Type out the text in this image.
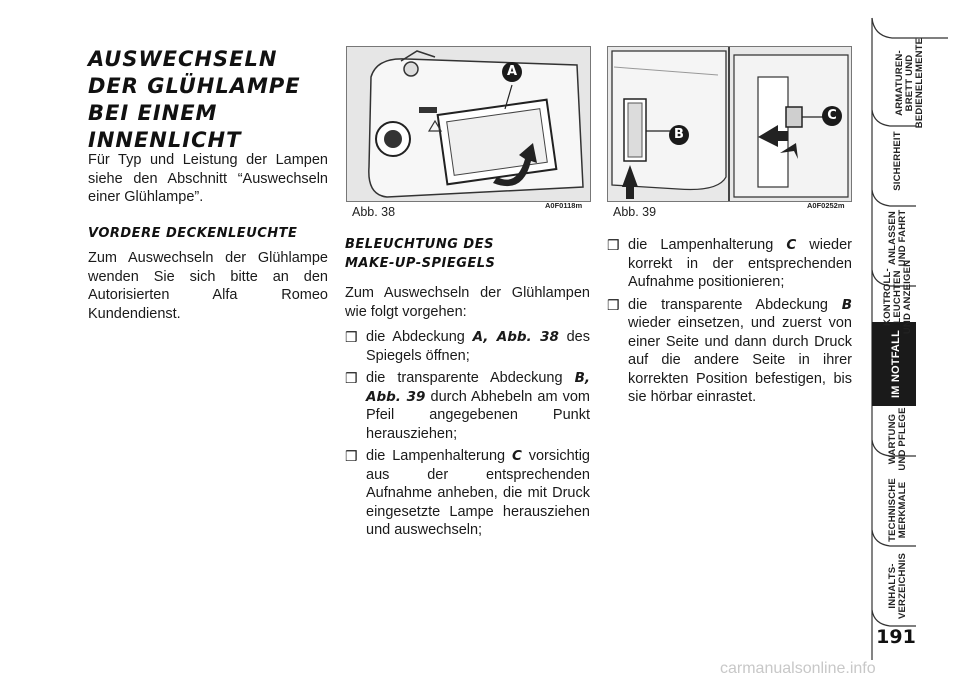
AUSWECHSELN DER GLÜHLAMPE BEI EINEM INNENLICHT
Für Typ und Leistung der Lampen siehe den Abschnitt “Auswechseln einer Glühlampe”.
VORDERE DECKENLEUCHTE
Zum Auswechseln der Glühlampe wenden Sie sich bitte an den Autorisierten Alfa Romeo Kundendienst.
A
Abb. 38	A0F0118m
B
C
Abb. 39	A0F0252m
BELEUCHTUNG DES MAKE-UP-SPIEGELS
Zum Auswechseln der Glühlampen wie folgt vorgehen:
❒ die Abdeckung A, Abb. 38 des Spiegels öffnen;
❒ die transparente Abdeckung B, Abb. 39 durch Abhebeln am vom Pfeil angegebenen Punkt herausziehen;
❒ die Lampenhalterung C vorsichtig aus der entsprechenden Aufnahme anheben, die mit Druck eingesetzte Lampe herausziehen und auswechseln;
❒ die Lampenhalterung C wieder korrekt in der entsprechenden Aufnahme positionieren;
❒ die transparente Abdeckung B wieder einsetzen, und zuerst von einer Seite und dann durch Druck auf die andere Seite in ihrer korrekten Position befestigen, bis sie hörbar einrastet.
ARMATUREN-
BRETT UND
BEDIENELEMENTE
SICHERHEIT
ANLASSEN
UND FAHRT
KONTROLL-
LEUCHTEN
UND ANZEIGEN
IM NOTFALL
WARTUNG
UND PFLEGE
TECHNISCHE
MERKMALE
INHALTS-
VERZEICHNIS
191
carmanualsonline.info
